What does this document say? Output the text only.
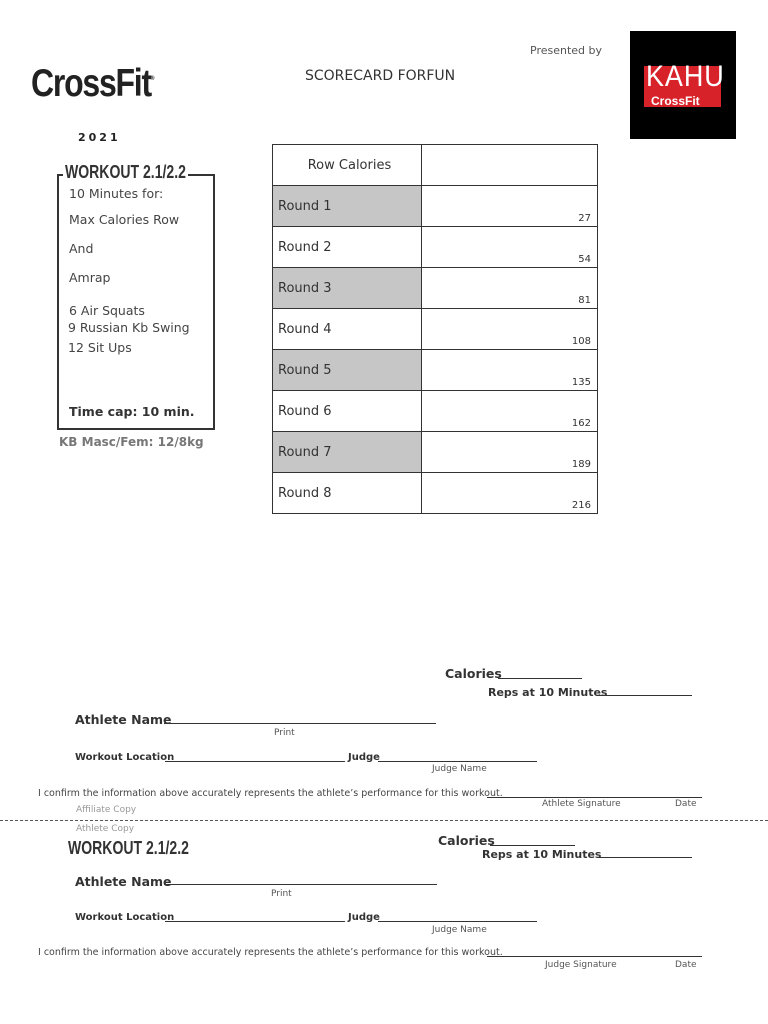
CrossFit®	SCORECARD FORFUN
Presented by
KAHU
CrossFit
2021
WORKOUT 2.1/2.2
10 Minutes for:
Max Calories Row
And
Amrap
6 Air Squats
9 Russian Kb Swing
12 Sit Ups
Time cap: 10 min.
KB Masc/Fem: 12/8kg
Row Calories	
Round 1	27

Round 2	54

Round 3	81

Round 4	108

Round 5	135

Round 6	162

Round 7	189

Round 8	216
Calories
Reps at 10 Minutes
Athlete Name
Print
Workout Location	Judge
Judge Name
I confirm the information above accurately represents the athlete’s performance for this workout.
Athlete Signature	Date
Affiliate Copy
Athlete Copy
WORKOUT 2.1/2.2	Calories
Reps at 10 Minutes
Athlete Name
Print
Workout Location	Judge
Judge Name
I confirm the information above accurately represents the athlete’s performance for this workout.
Judge Signature	Date
